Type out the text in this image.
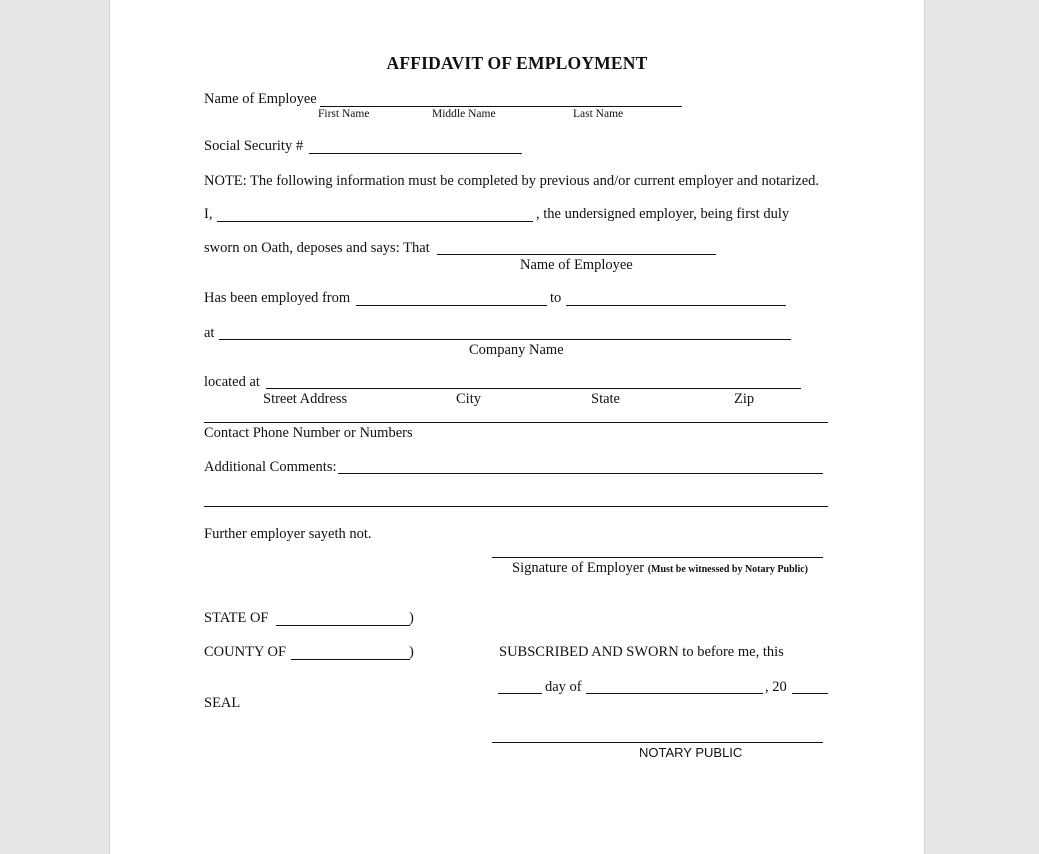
AFFIDAVIT OF EMPLOYMENT
Name of Employee
First Name	Middle Name	Last Name
Social Security #
NOTE: The following information must be completed by previous and/or current employer and notarized.
I,	, the undersigned employer, being first duly
sworn on Oath, deposes and says: That
Name of Employee
Has been employed from	to
at
Company Name
located at
Street Address	City	State	Zip
Contact Phone Number or Numbers
Additional Comments:
Further employer sayeth not.
Signature of Employer (Must be witnessed by Notary Public)
STATE OF	)
COUNTY OF	)	SUBSCRIBED AND SWORN to before me, this
day of	, 20
SEAL
NOTARY PUBLIC
